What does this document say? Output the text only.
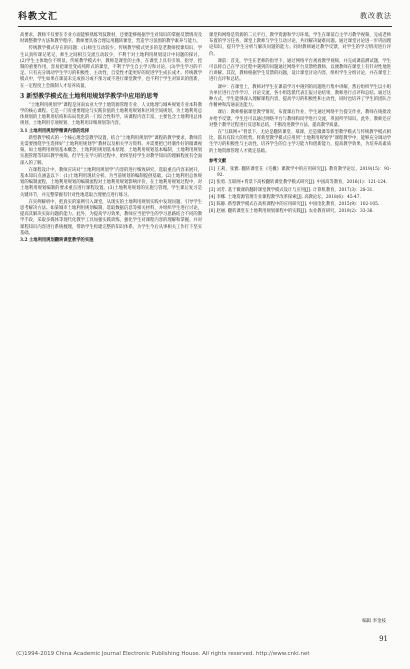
科教文汇	教改教法

高要求，教师不仅要在专业方面能够熟练骂驭教材，还要能够根据学生对知识的掌握反馈情况及时调整教学方法和教学程序。教师要具备合理运用翻转课堂、营造学习氛围的教学素养与能力。

传统教学模式存在的问题：(1)师生互动较少。传统教学模式更多的是老教师授课知识，学生认真听课记笔记，师生之间相互交流互动较少，不利于对土地利用规划设计中问题的探讨。(2)学生主体地位不明显。传统教学模式中，教师是课堂的主体，在课堂上具有引领、指导、控制的重要作用，容易把课堂变成纯粹式的课堂，不利于学生自主学习和讨论。(3)学生学习的不足。只有充分调动学生学习的积极性、主动性，自觉性才能更好的促进学生成长成才。传统教学模式中，学生如果在课前未完成预习或不预习或不进行课堂教学，也不利于学生对知识的创新，在一定程度上会限制人才培养质量。

3 新型教学模式在土地利用规划学教学中应用的思考

“土地利用规划学”课程是河南农业大学土地资源管理专业、人文地理与城乡规划专业本科教学的核心课程。它是一门有重要理论与实践价值的土地利用规划和区域空间规划，为土地利用总体规划的土地利用结构和布局优化的一门综合性科学。该课程内容丰富，主要包含土地利用总体规划、土地利用专项规划、土地利用详细规划等内容。

3.1 土地利用规划学微课内容的选择

新型教学模式的一个核心理念是教学设置，结合“土地利用规划学”课程的教学要求，教师首先需要围绕学生选择好“土地利用规划学”教材以及相关学习资料。并需要把已经制作好的微课视频。如土地利用规划基本概念、土地利用规划基本原理、土地利用规划基本编制、土地利用规划实施管理等知识教学视频。但学生在学习的过程中，始终坚持学生对教学知识的理解程度有全面深入的了解。

在课程设计中，教师应该对“土地利用规划学”内容的进行细致研究，选取重点内容来展开，基本知识点涵盖以下：(1)土地利用现状分析。为当前规划的编制提供基础。(2)土地利用总体规划的编制流程，土地利用规划的编制流程对土地利用规划影响评价，在土地利用规划过程中，对土地利用规划编制的要求重点进行课程设置。(3)土地利用规划的实施与管理，学生课后复习是关键环节，并完整掌握有针对性地选取合理要点进行练习。

在实例解析中，把真实的案例引入课堂，从现实的土地利用规划实践中发现问题，引导学生思考解决方法。如某城市土地利用规划编制，选取数据信息等相关材料，并组织学生进行讨论，提高其解决实际问题的能力。此外，为提高学习效果，教师应当把学生的学习思路结合不同的教学手段，采取多媒体等现代化教学工具加强实践训练，强化学生对课程内容的理解和掌握。并对课程知识内容进行系统梳理，帮助学生构建完整的知识体系，为学生今后从事相关工作打下坚实基础。

3.2 土地利用规划翻转课堂教学的实施

课堂和网络是资源的二元平行，教学资源和学习环境。学生在课前自主学习教学视频，完成老师布置的学习任务，课堂上教师与学生互动讨论，共同解决疑难问题。通过课堂讨论进一步巩固理论知识，提升学生分析与解决问题的能力。同时教师通过教学反馈，对学生的学习情况进行评价。

课前：首先，学生在老师的指导下，通过网络平台观看教学视频，并完成课前测试题，学生可以将自己在学习过程中遇到的问题通过网络平台反馈给教师，以便教师在课堂上有针对性地进行讲解。其次，教师根据学生反馈的问题，设计课堂讨论内容，组织学生分组讨论，并在课堂上进行点评和总结。

课中：在课堂上，教师对学生在课前学习中遇到的问题进行集中讲解，然后组织学生以小组为单位进行合作学习、讨论交流，各小组选派代表汇报讨论结果，教师进行点评和总结。通过这种方式，学生能够深入理解课程内容，提高学习的积极性和主动性，同时也培养了学生的团队合作精神和沟通表达能力。

课后：教师根据课堂教学情况，布置课后作业，学生通过网络平台提交作业，教师在线批改并给予反馈。学生还可以通过网络平台与教师和同学进行交流，巩固所学知识。此外，教师还应对整个教学过程进行反思和总结，不断改进教学方法，提高教学质量。

在“互联网+”背景下，无论是翻转课堂、慕课，还是微课等新型教学模式与传统教学模式相比，都具有较大的优势。将新型教学模式应用到“土地利用规划学”课程教学中，能够充分调动学生学习的积极性与主动性，培养学生的自主学习能力和创新能力，提高教学效果，为培养高素质的土地资源管理人才奠定基础。

参考文献
[1] 王莉，张雅. 翻转课堂在《毛概》课教学中的应用研究[J]. 教育教学论坛，2019(15)：91-92.
[2] 张勇. 互联网+背景下高校翻转课堂教学模式研究[J]. 中国高等教育，2016(1)：121-124.
[3] 刘芳. 基于微课的翻转课堂教学模式设计与应用[J]. 计算机教育，2017(3)：28-31.
[4] 李娜. 土地资源管理专业课程教学改革探索[J]. 高教论坛，2018(6)：45-47.
[5] 陈静. 新型教学模式在高校课程中的应用研究[J]. 中国电化教育，2015(9)：102-105.
[6] 赵丽. 翻转课堂在土地利用规划课程中的实践[J]. 农业教育研究，2019(2)：33-36.
编辑 李金枝
91
(C)1994-2019 China Academic Journal Electronic Publishing House. All rights reserved. http://www.cnki.net
